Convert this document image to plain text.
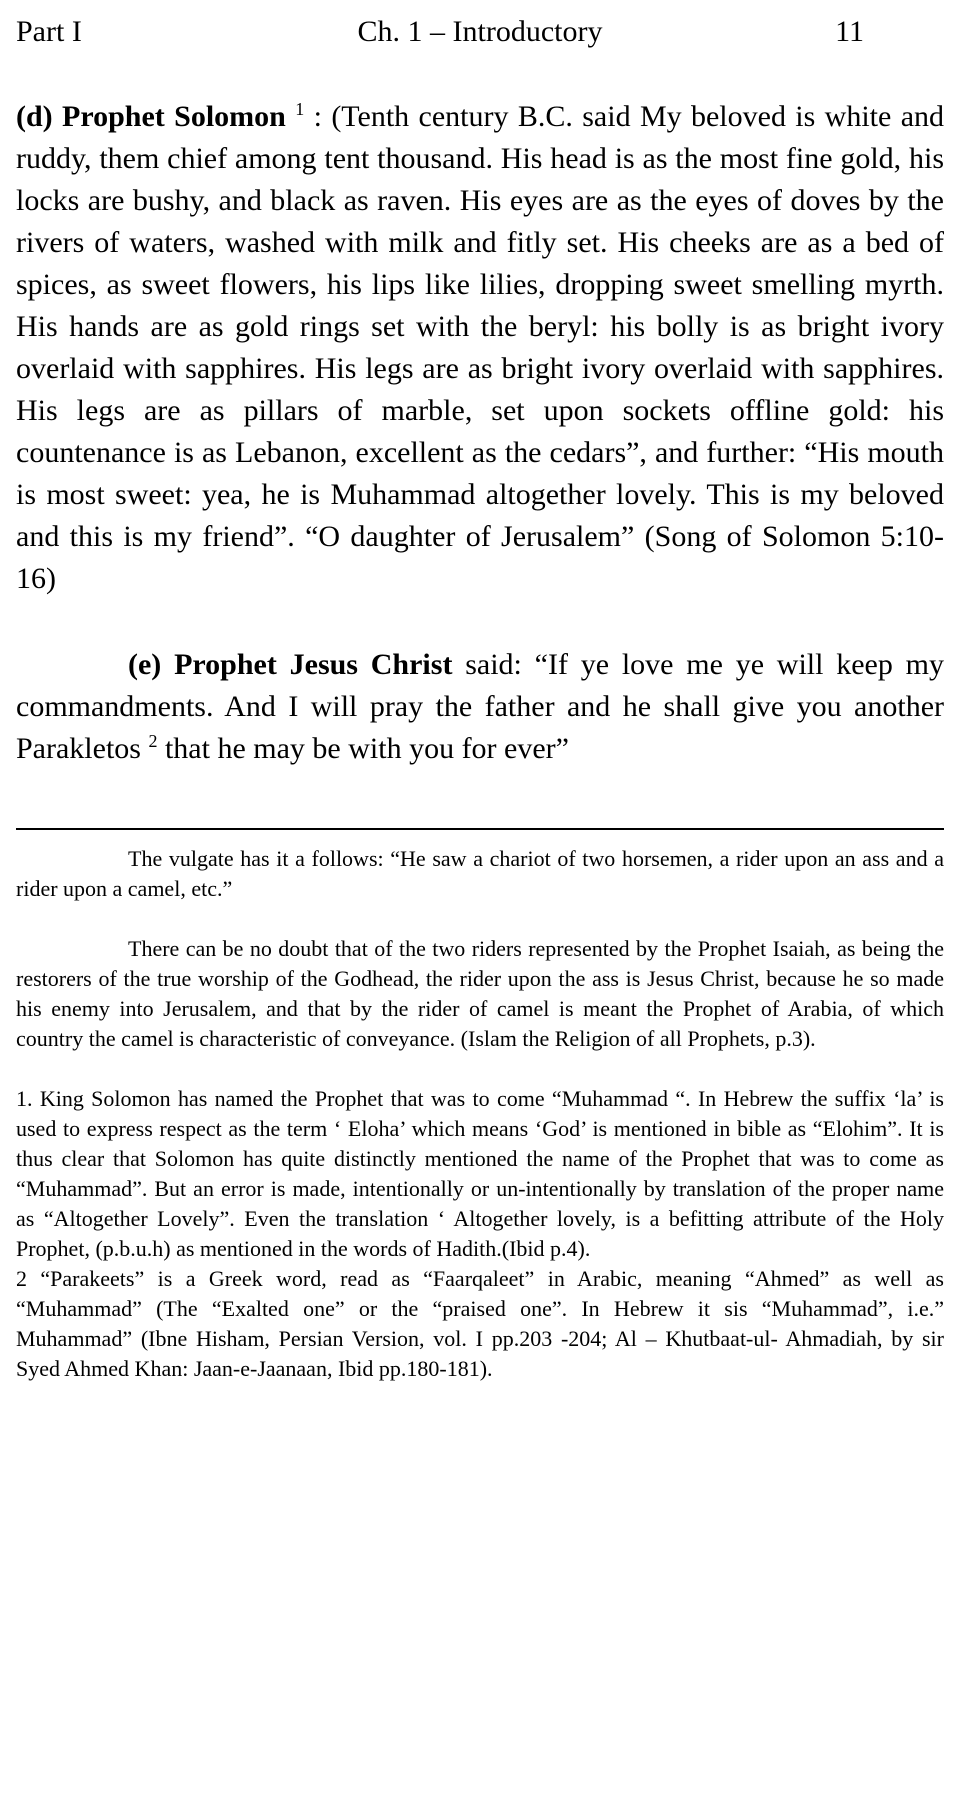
Part I	Ch. 1 – Introductory	11

(d) Prophet Solomon $^1$ : (Tenth century B.C. said My beloved is white and ruddy, them chief among tent thousand. His head is as the most fine gold, his locks are bushy, and black as raven. His eyes are as the eyes of doves by the rivers of waters, washed with milk and fitly set. His cheeks are as a bed of spices, as sweet flowers, his lips like lilies, dropping sweet smelling myrth. His hands are as gold rings set with the beryl: his bolly is as bright ivory overlaid with sapphires. His legs are as bright ivory overlaid with sapphires. His legs are as pillars of marble, set upon sockets offline gold: his countenance is as Lebanon, excellent as the cedars”, and further: “His mouth is most sweet: yea, he is Muhammad altogether lovely. This is my beloved and this is my friend”. “O daughter of Jerusalem” (Song of Solomon 5:10-16)

(e) Prophet Jesus Christ said: “If ye love me ye will keep my commandments. And I will pray the father and he shall give you another Parakletos $^2$ that he may be with you for ever”

The vulgate has it a follows: “He saw a chariot of two horsemen, a rider upon an ass and a rider upon a camel, etc.”

There can be no doubt that of the two riders represented by the Prophet Isaiah, as being the restorers of the true worship of the Godhead, the rider upon the ass is Jesus Christ, because he so made his enemy into Jerusalem, and that by the rider of camel is meant the Prophet of Arabia, of which country the camel is characteristic of conveyance. (Islam the Religion of all Prophets, p.3).

1. King Solomon has named the Prophet that was to come “Muhammad “. In Hebrew the suffix ‘la’ is used to express respect as the term ‘ Eloha’ which means ‘God’ is mentioned in bible as “Elohim”. It is thus clear that Solomon has quite distinctly mentioned the name of the Prophet that was to come as “Muhammad”. But an error is made, intentionally or un-intentionally by translation of the proper name as “Altogether Lovely”. Even the translation ‘ Altogether lovely, is a befitting attribute of the Holy Prophet, (p.b.u.h) as mentioned in the words of Hadith.(Ibid p.4).

2 “Parakeets” is a Greek word, read as “Faarqaleet” in Arabic, meaning “Ahmed” as well as “Muhammad” (The “Exalted one” or the “praised one”. In Hebrew it sis “Muhammad”, i.e.” Muhammad” (Ibne Hisham, Persian Version, vol. I pp.203 -204; Al – Khutbaat-ul- Ahmadiah, by sir Syed Ahmed Khan: Jaan-e-Jaanaan, Ibid pp.180-181).
